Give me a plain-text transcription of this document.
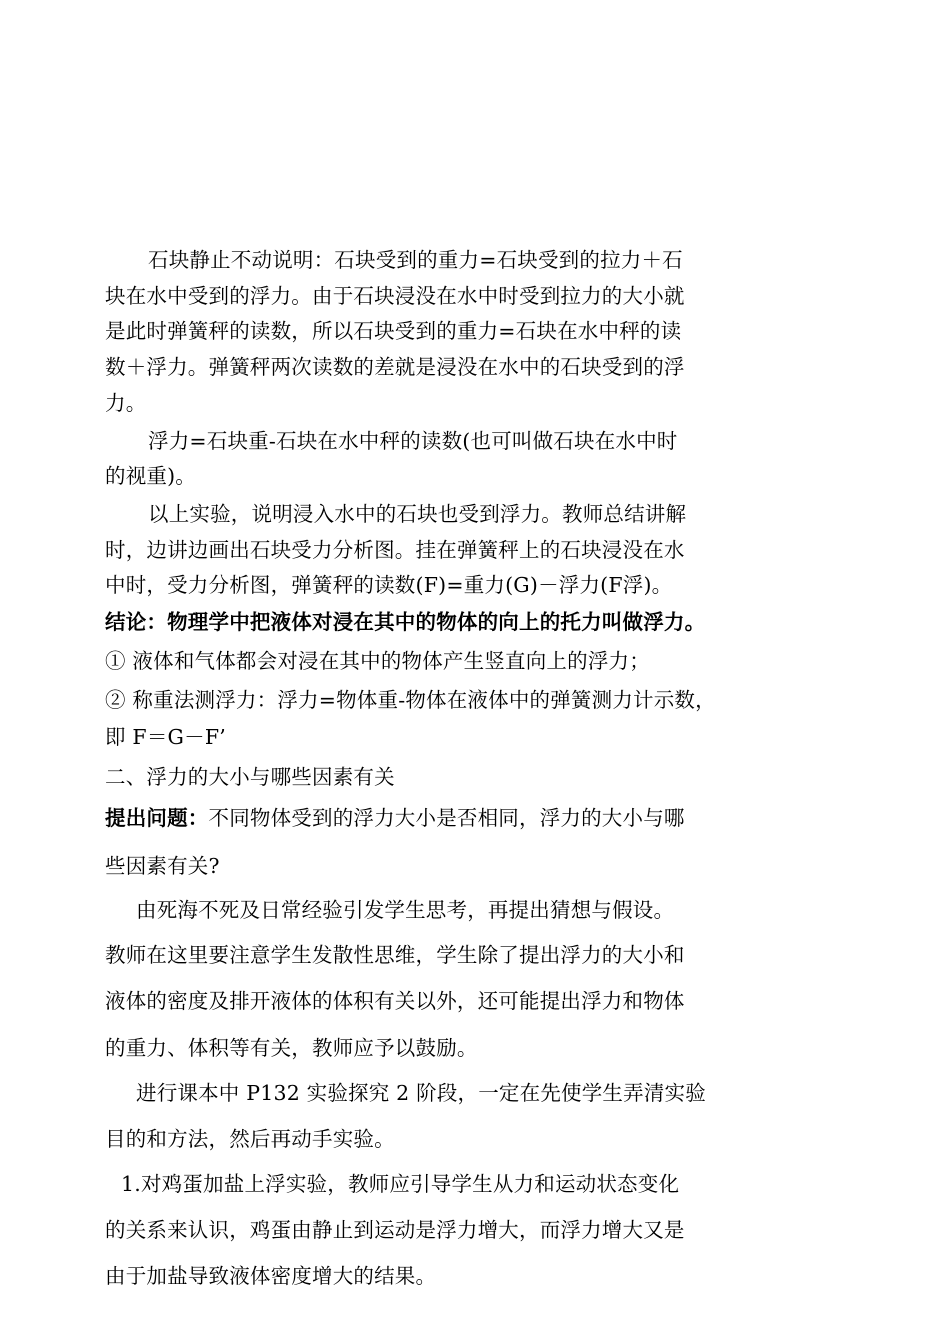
石块静止不动说明：石块受到的重力=石块受到的拉力＋石
块在水中受到的浮力。由于石块浸没在水中时受到拉力的大小就
是此时弹簧秤的读数，所以石块受到的重力=石块在水中秤的读
数＋浮力。弹簧秤两次读数的差就是浸没在水中的石块受到的浮
力。
浮力=石块重-石块在水中秤的读数(也可叫做石块在水中时
的视重)。
以上实验，说明浸入水中的石块也受到浮力。教师总结讲解
时，边讲边画出石块受力分析图。挂在弹簧秤上的石块浸没在水
中时，受力分析图，弹簧秤的读数(F)=重力(G)－浮力(F浮)。
结论：物理学中把液体对浸在其中的物体的向上的托力叫做浮力。
① 液体和气体都会对浸在其中的物体产生竖直向上的浮力；
② 称重法测浮力：浮力=物体重-物体在液体中的弹簧测力计示数，
即 F＝G－F’
二、浮力的大小与哪些因素有关
提出问题：不同物体受到的浮力大小是否相同，浮力的大小与哪
些因素有关?
由死海不死及日常经验引发学生思考，再提出猜想与假设。
教师在这里要注意学生发散性思维，学生除了提出浮力的大小和
液体的密度及排开液体的体积有关以外，还可能提出浮力和物体
的重力、体积等有关，教师应予以鼓励。
进行课本中 P132 实验探究 2 阶段，一定在先使学生弄清实验
目的和方法，然后再动手实验。
1.对鸡蛋加盐上浮实验，教师应引导学生从力和运动状态变化
的关系来认识，鸡蛋由静止到运动是浮力增大，而浮力增大又是
由于加盐导致液体密度增大的结果。
